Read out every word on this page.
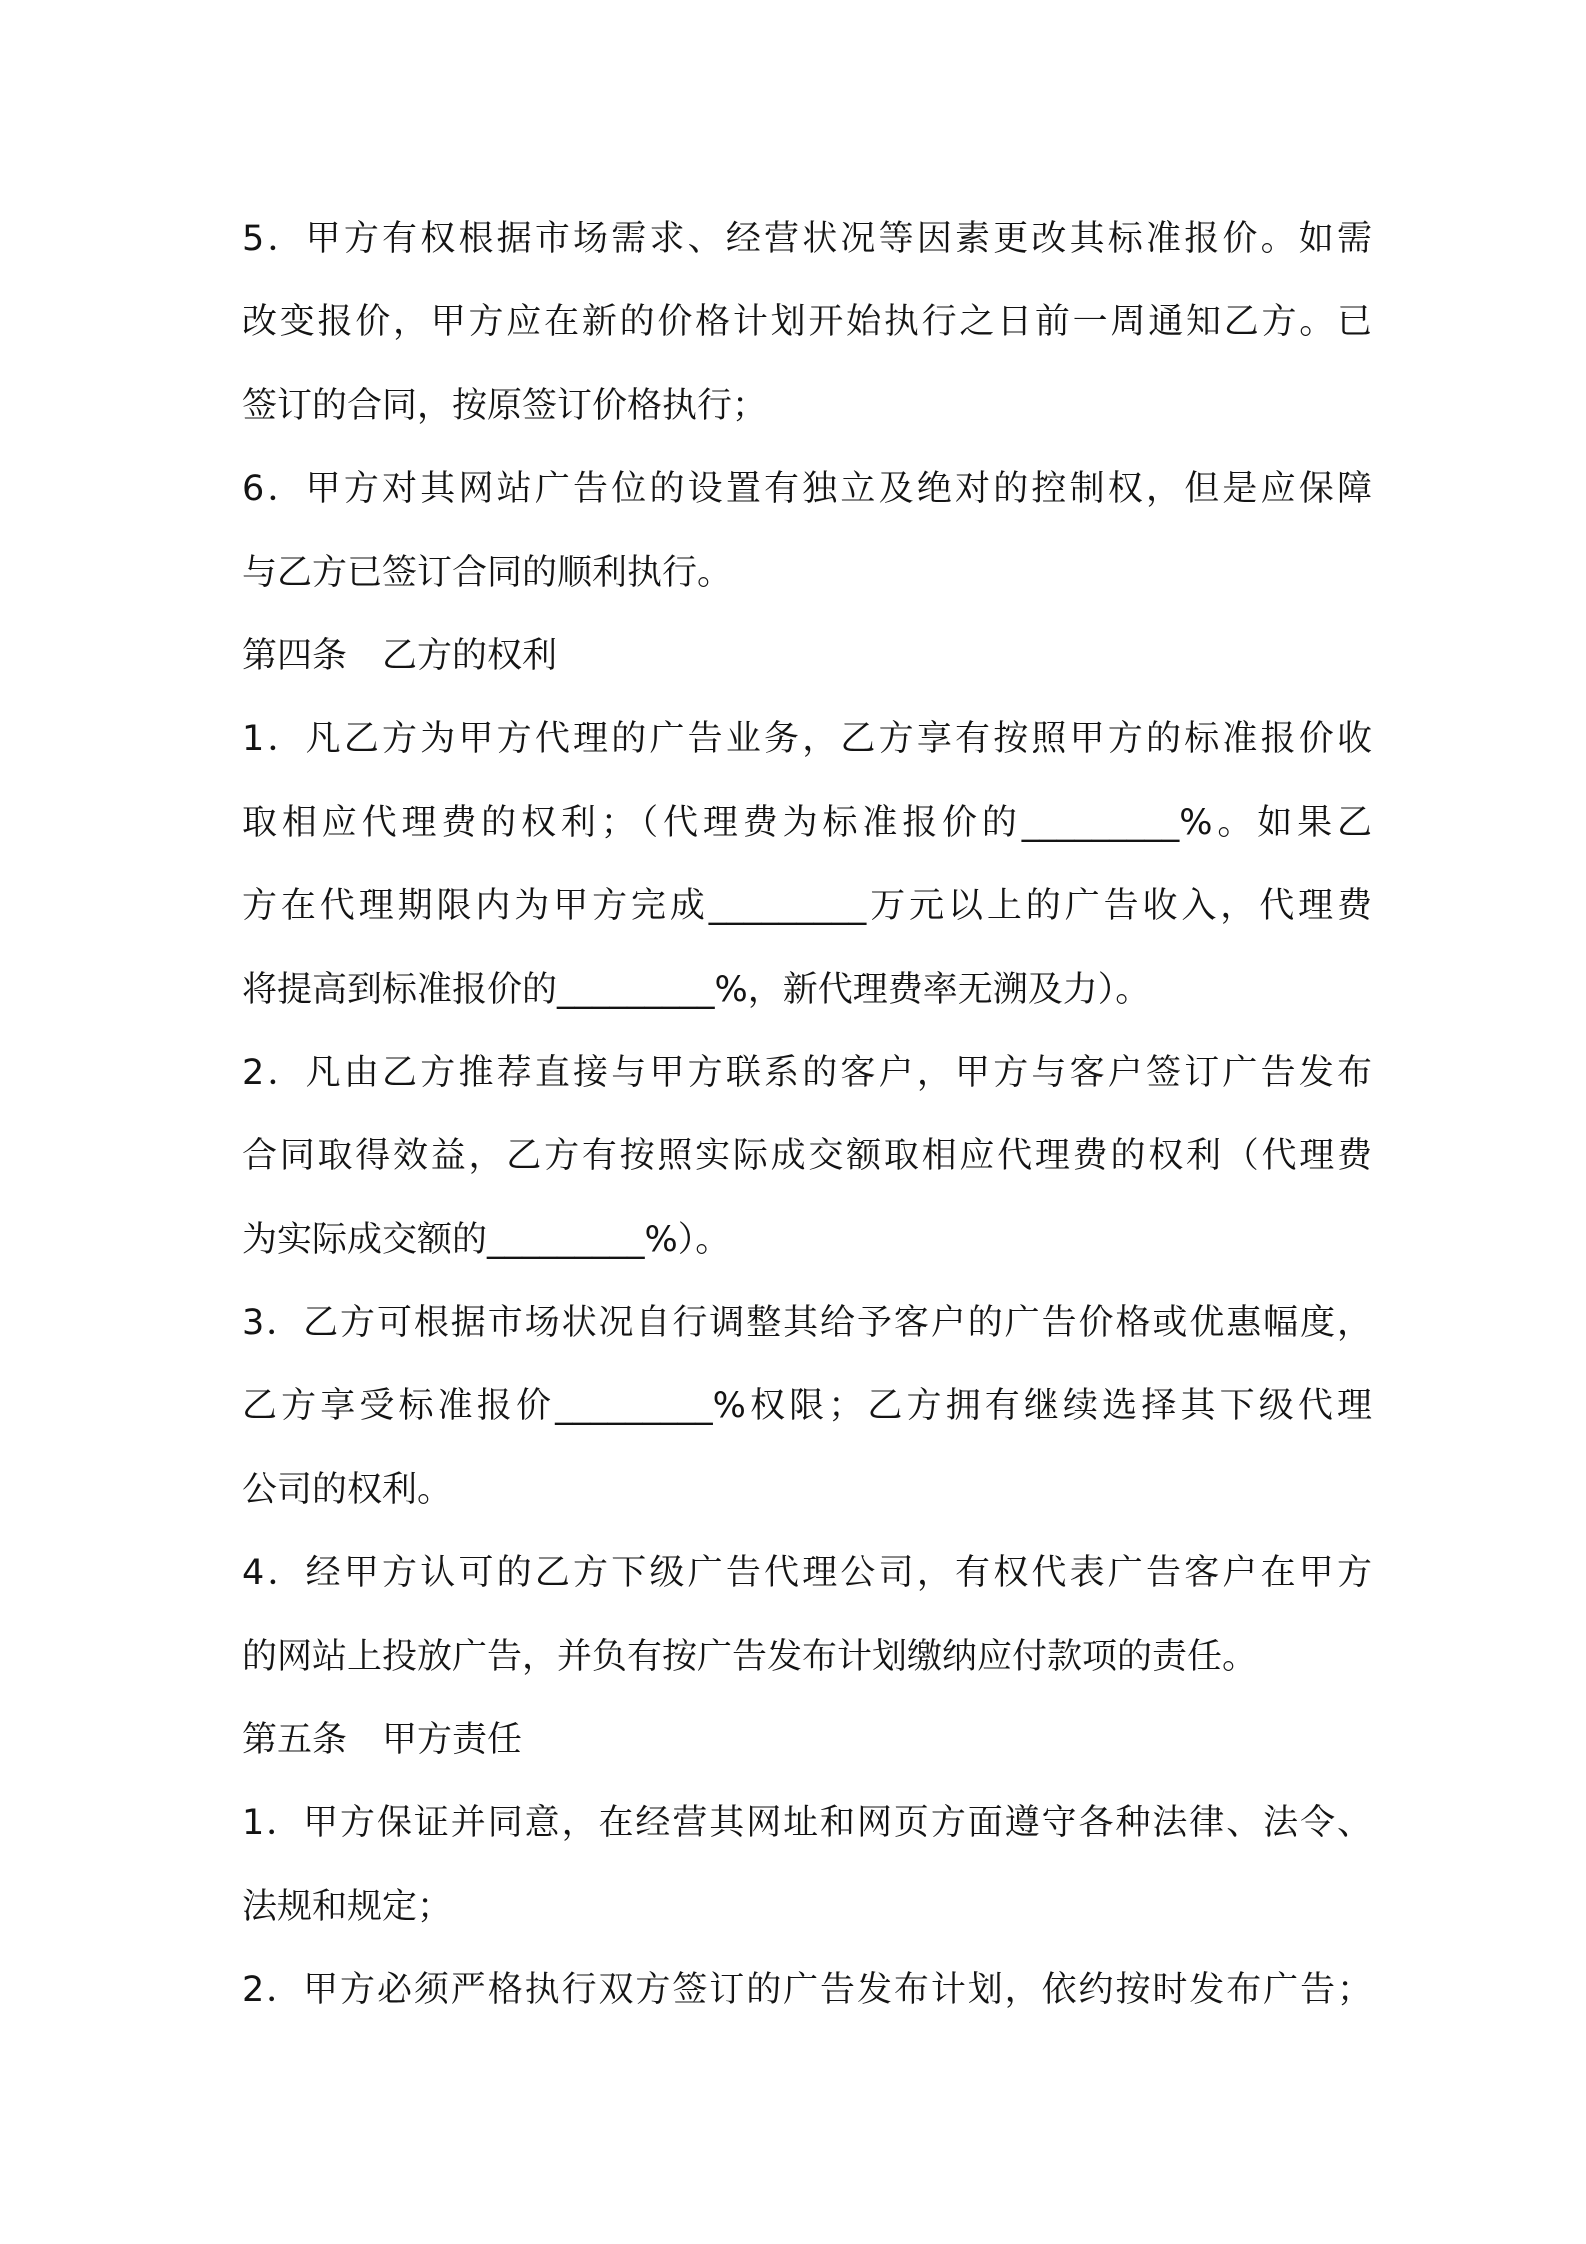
5．甲方有权根据市场需求、经营状况等因素更改其标准报价。如需

改变报价，甲方应在新的价格计划开始执行之日前一周通知乙方。已

签订的合同，按原签订价格执行；

6．甲方对其网站广告位的设置有独立及绝对的控制权，但是应保障

与乙方已签订合同的顺利执行。

第四条　乙方的权利

1．凡乙方为甲方代理的广告业务，乙方享有按照甲方的标准报价收

取相应代理费的权利；（代理费为标准报价的_________%。如果乙

方在代理期限内为甲方完成_________万元以上的广告收入，代理费

将提高到标准报价的_________%，新代理费率无溯及力）。

2．凡由乙方推荐直接与甲方联系的客户，甲方与客户签订广告发布

合同取得效益，乙方有按照实际成交额取相应代理费的权利（代理费

为实际成交额的_________%）。

3．乙方可根据市场状况自行调整其给予客户的广告价格或优惠幅度，

乙方享受标准报价_________%权限；乙方拥有继续选择其下级代理

公司的权利。

4．经甲方认可的乙方下级广告代理公司，有权代表广告客户在甲方

的网站上投放广告，并负有按广告发布计划缴纳应付款项的责任。

第五条　甲方责任

1．甲方保证并同意，在经营其网址和网页方面遵守各种法律、法令、

法规和规定；

2．甲方必须严格执行双方签订的广告发布计划，依约按时发布广告；
